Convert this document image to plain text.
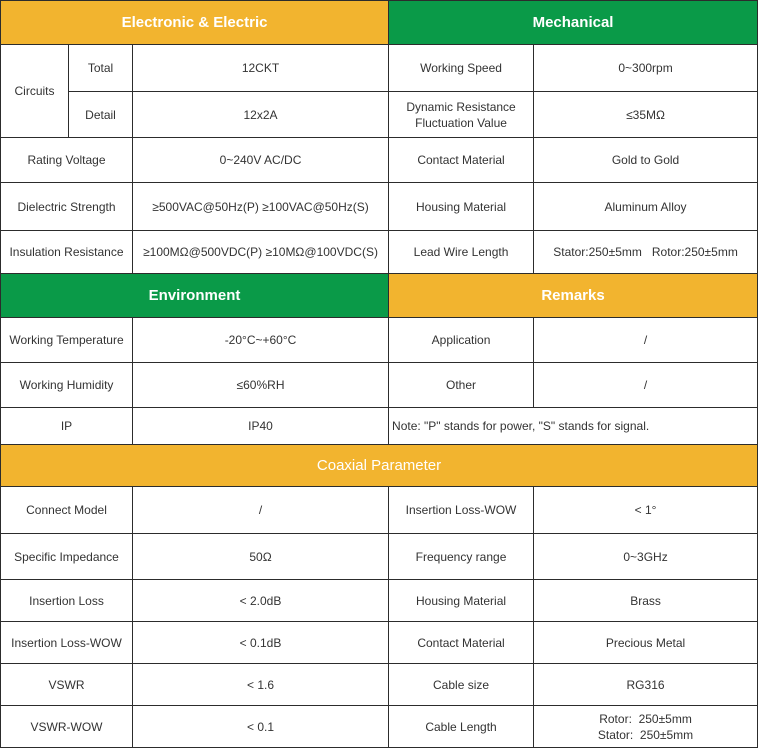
Electronic & Electric			Mechanical	
Circuits	Total	12CKT	Working Speed	0~300rpm
	Detail	12x2A	Dynamic Resistance
Fluctuation Value	≤35MΩ
Rating Voltage		0~240V AC/DC	Contact Material	Gold to Gold
Dielectric Strength		≥500VAC@50Hz(P) ≥100VAC@50Hz(S)	Housing Material	Aluminum Alloy
Insulation Resistance		≥100MΩ@500VDC(P) ≥10MΩ@100VDC(S)	Lead Wire Length	Stator:250±5mm   Rotor:250±5mm
Environment			Remarks	
Working Temperature		-20°C~+60°C	Application	/
Working Humidity		≤60%RH	Other	/
IP		IP40	Note: "P" stands for power, "S" stands for signal.	
Coaxial Parameter				
Connect Model		/	Insertion Loss-WOW	< 1°
Specific Impedance		50Ω	Frequency range	0~3GHz
Insertion Loss		< 2.0dB	Housing Material	Brass
Insertion Loss-WOW		< 0.1dB	Contact Material	Precious Metal
VSWR		< 1.6	Cable size	RG316
VSWR-WOW		< 0.1	Cable Length	Rotor:  250±5mm
Stator:  250±5mm
